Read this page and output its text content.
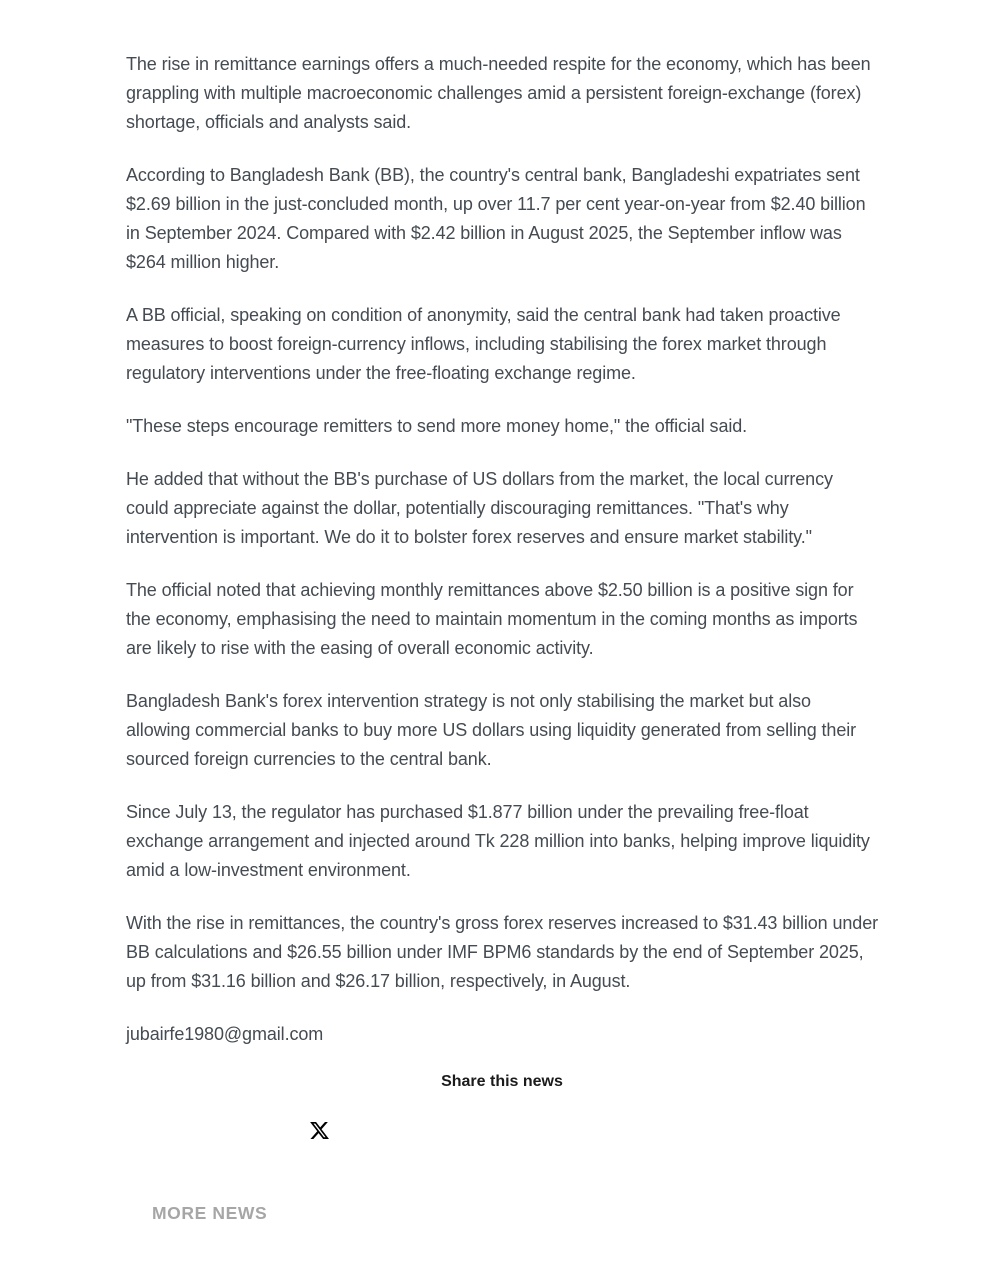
The rise in remittance earnings offers a much-needed respite for the economy, which has been grappling with multiple macroeconomic challenges amid a persistent foreign-exchange (forex) shortage, officials and analysts said.

According to Bangladesh Bank (BB), the country's central bank, Bangladeshi expatriates sent $2.69 billion in the just-concluded month, up over 11.7 per cent year-on-year from $2.40 billion in September 2024. Compared with $2.42 billion in August 2025, the September inflow was $264 million higher.

A BB official, speaking on condition of anonymity, said the central bank had taken proactive measures to boost foreign-currency inflows, including stabilising the forex market through regulatory interventions under the free-floating exchange regime.

"These steps encourage remitters to send more money home," the official said.

He added that without the BB's purchase of US dollars from the market, the local currency could appreciate against the dollar, potentially discouraging remittances. "That's why intervention is important. We do it to bolster forex reserves and ensure market stability."

The official noted that achieving monthly remittances above $2.50 billion is a positive sign for the economy, emphasising the need to maintain momentum in the coming months as imports are likely to rise with the easing of overall economic activity.

Bangladesh Bank's forex intervention strategy is not only stabilising the market but also allowing commercial banks to buy more US dollars using liquidity generated from selling their sourced foreign currencies to the central bank.

Since July 13, the regulator has purchased $1.877 billion under the prevailing free-float exchange arrangement and injected around Tk 228 million into banks, helping improve liquidity amid a low-investment environment.

With the rise in remittances, the country's gross forex reserves increased to $31.43 billion under BB calculations and $26.55 billion under IMF BPM6 standards by the end of September 2025, up from $31.16 billion and $26.17 billion, respectively, in August.

jubairfe1980@gmail.com

Share this news
MORE NEWS
